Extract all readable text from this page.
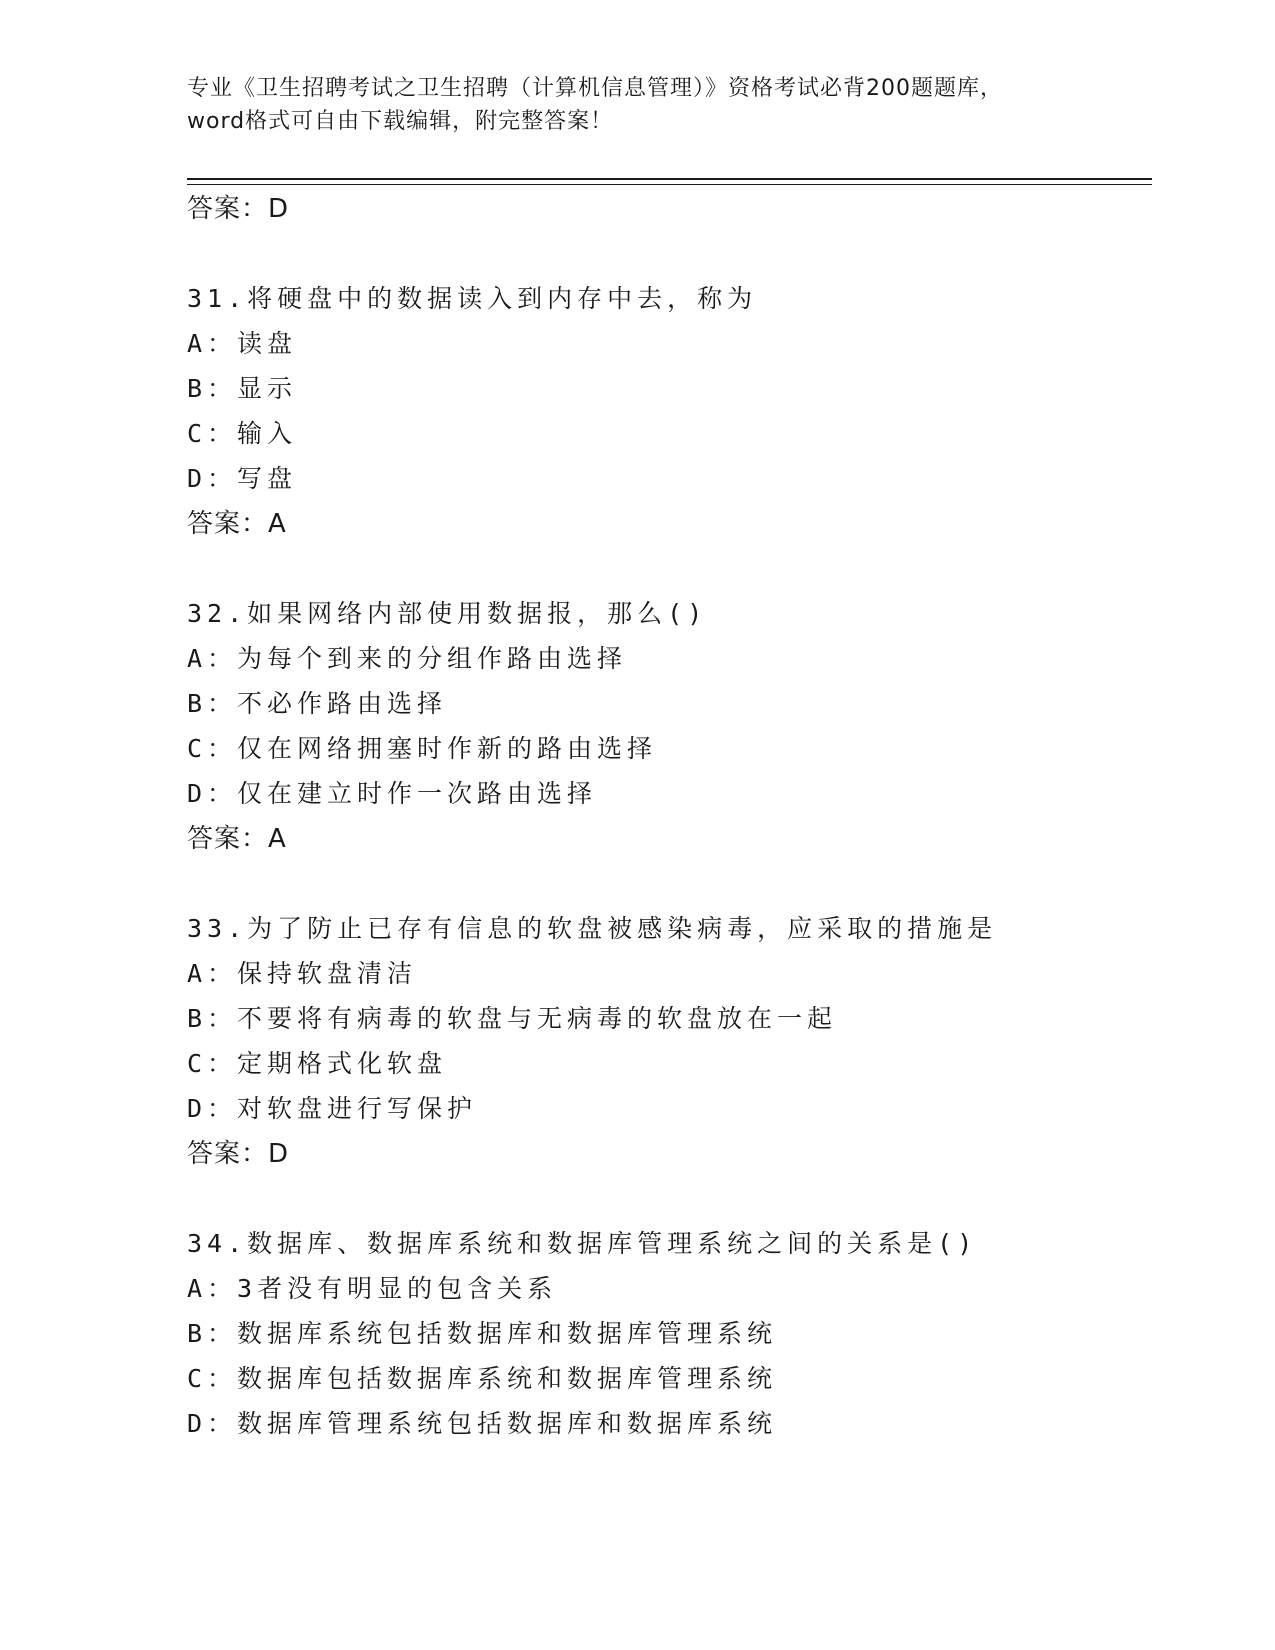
专业《卫生招聘考试之卫生招聘（计算机信息管理）》资格考试必背200题题库，
word格式可自由下载编辑，附完整答案！
答案：D
31.将硬盘中的数据读入到内存中去，称为
A：读盘
B：显示
C：输入
D：写盘
答案：A
32.如果网络内部使用数据报，那么()
A：为每个到来的分组作路由选择
B：不必作路由选择
C：仅在网络拥塞时作新的路由选择
D：仅在建立时作一次路由选择
答案：A
33.为了防止已存有信息的软盘被感染病毒，应采取的措施是
A：保持软盘清洁
B：不要将有病毒的软盘与无病毒的软盘放在一起
C：定期格式化软盘
D：对软盘进行写保护
答案：D
34.数据库、数据库系统和数据库管理系统之间的关系是()
A：3者没有明显的包含关系
B：数据库系统包括数据库和数据库管理系统
C：数据库包括数据库系统和数据库管理系统
D：数据库管理系统包括数据库和数据库系统
